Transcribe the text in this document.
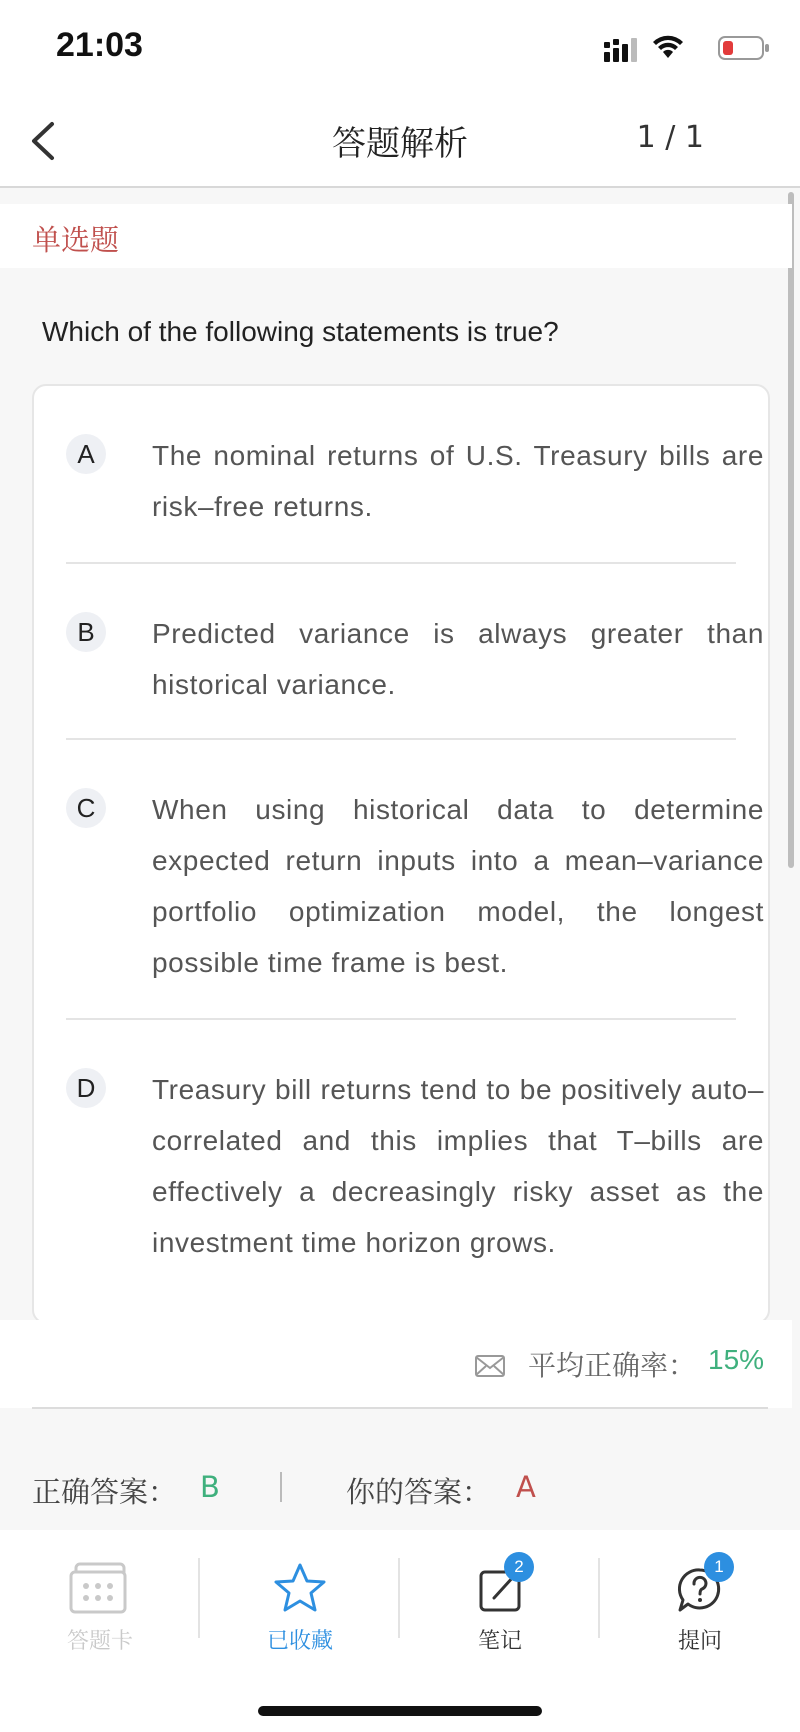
21:03
答题解析	1 / 1
单选题
Which of the following statements is true?
A	The nominal returns of U.S. Treasury bills are risk–free returns.
B	Predicted variance is always greater than historical variance.
C	When using historical data to determine expected return inputs into a mean–variance portfolio optimization model, the longest possible time frame is best.
D	Treasury bill returns tend to be positively auto–correlated and this implies that T–bills are effectively a decreasingly risky asset as the investment time horizon grows.
平均正确率： 15%
正确答案： B	你的答案： A
答题卡	已收藏
2
笔记
1
提问
